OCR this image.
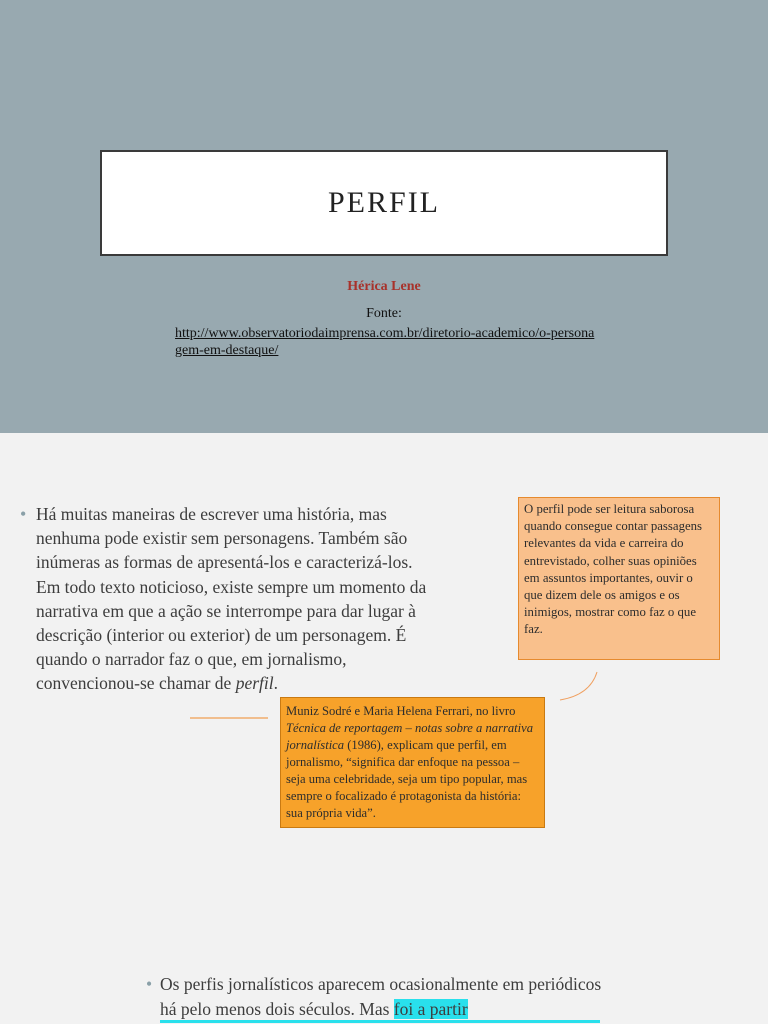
PERFIL
Hérica Lene
Fonte:
http://www.observatoriodaimprensa.com.br/diretorio-academico/o-personagem-em-destaque/
• Há muitas maneiras de escrever uma história, mas nenhuma pode existir sem personagens. Também são inúmeras as formas de apresentá-los e caracterizá-los. Em todo texto noticioso, existe sempre um momento da narrativa em que a ação se interrompe para dar lugar à descrição (interior ou exterior) de um personagem. É quando o narrador faz o que, em jornalismo, convencionou-se chamar de perfil.
O perfil pode ser leitura saborosa quando consegue contar passagens relevantes da vida e carreira do entrevistado, colher suas opiniões em assuntos importantes, ouvir o que dizem dele os amigos e os inimigos, mostrar como faz o que faz.
Muniz Sodré e Maria Helena Ferrari, no livro Técnica de reportagem – notas sobre a narrativa jornalística (1986), explicam que perfil, em jornalismo, “significa dar enfoque na pessoa – seja uma celebridade, seja um tipo popular, mas sempre o focalizado é protagonista da história: sua própria vida”.
• Os perfis jornalísticos aparecem ocasionalmente em periódicos há pelo menos dois séculos. Mas foi a partir
